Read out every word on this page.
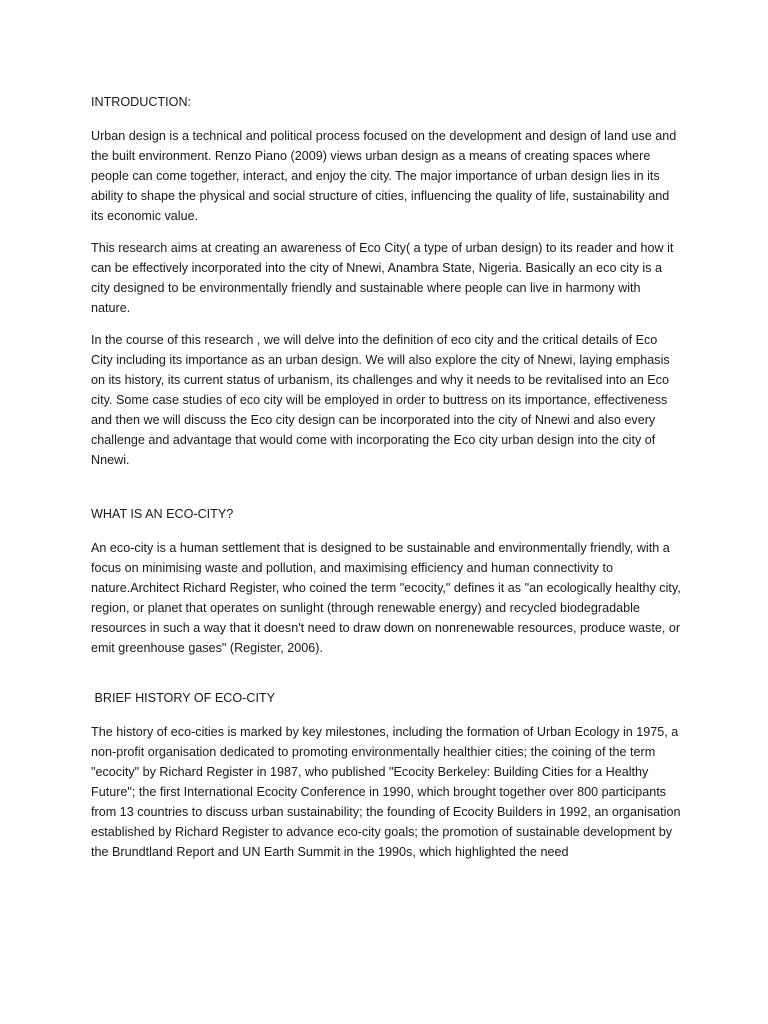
INTRODUCTION:

Urban design is a technical and political process focused on the development and design of land use and the built environment. Renzo Piano (2009) views urban design as a means of creating spaces where people can come together, interact, and enjoy the city. The major importance of urban design lies in its ability to shape the physical and social structure of cities, influencing the quality of life, sustainability and its economic value.

This research aims at creating an awareness of Eco City( a type of urban design) to its reader and how it can be effectively incorporated into the city of Nnewi, Anambra State, Nigeria. Basically an eco city is a city designed to be environmentally friendly and sustainable where people can live in harmony with nature.

In the course of this research , we will delve into the definition of eco city and the critical details of Eco City including its importance as an urban design. We will also explore the city of Nnewi, laying emphasis on its history, its current status of urbanism, its challenges and why it needs to be revitalised into an Eco city. Some case studies of eco city will be employed in order to buttress on its importance, effectiveness and then we will discuss the Eco city design can be incorporated into the city of Nnewi and also every challenge and advantage that would come with incorporating the Eco city urban design into the city of Nnewi.

WHAT IS AN ECO-CITY?

An eco-city is a human settlement that is designed to be sustainable and environmentally friendly, with a focus on minimising waste and pollution, and maximising efficiency and human connectivity to nature.Architect Richard Register, who coined the term "ecocity," defines it as "an ecologically healthy city, region, or planet that operates on sunlight (through renewable energy) and recycled biodegradable resources in such a way that it doesn't need to draw down on nonrenewable resources, produce waste, or emit greenhouse gases" (Register, 2006).

BRIEF HISTORY OF ECO-CITY

The history of eco-cities is marked by key milestones, including the formation of Urban Ecology in 1975, a non-profit organisation dedicated to promoting environmentally healthier cities; the coining of the term "ecocity" by Richard Register in 1987, who published "Ecocity Berkeley: Building Cities for a Healthy Future"; the first International Ecocity Conference in 1990, which brought together over 800 participants from 13 countries to discuss urban sustainability; the founding of Ecocity Builders in 1992, an organisation established by Richard Register to advance eco-city goals; the promotion of sustainable development by the Brundtland Report and UN Earth Summit in the 1990s, which highlighted the need
